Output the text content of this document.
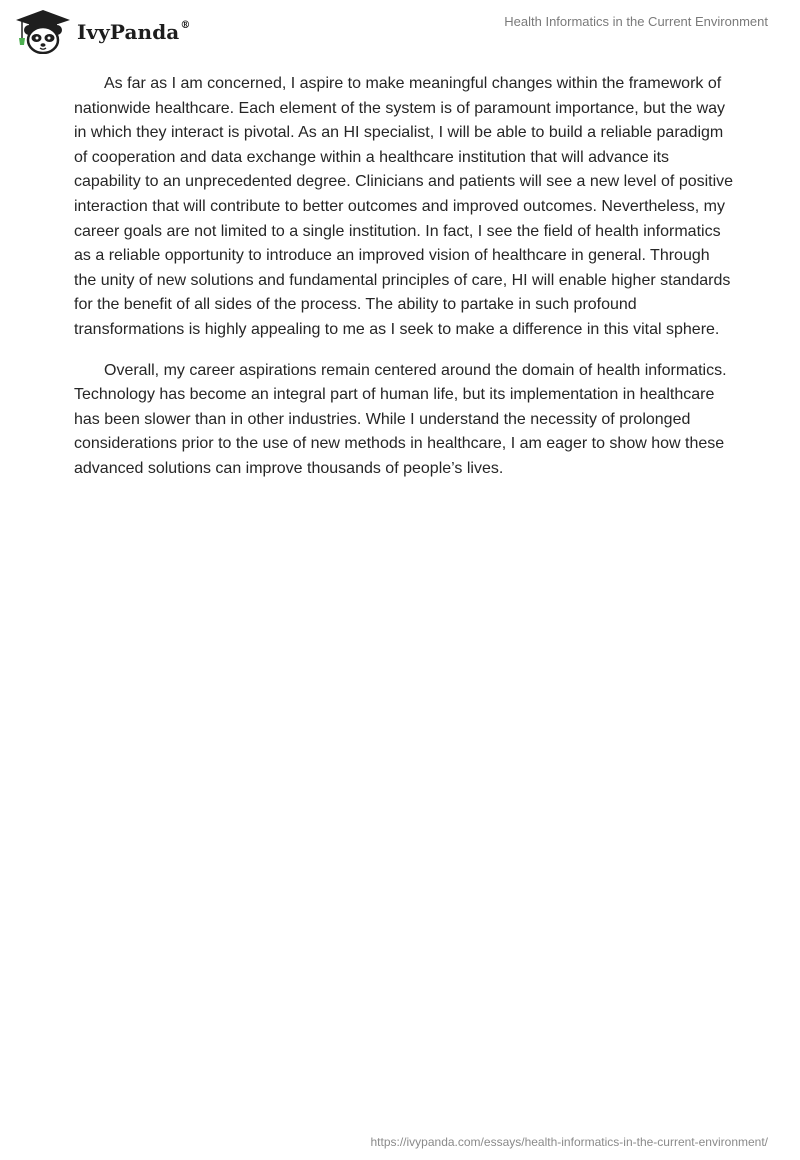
IvyPanda®	Health Informatics in the Current Environment

As far as I am concerned, I aspire to make meaningful changes within the framework of nationwide healthcare. Each element of the system is of paramount importance, but the way in which they interact is pivotal. As an HI specialist, I will be able to build a reliable paradigm of cooperation and data exchange within a healthcare institution that will advance its capability to an unprecedented degree. Clinicians and patients will see a new level of positive interaction that will contribute to better outcomes and improved outcomes. Nevertheless, my career goals are not limited to a single institution. In fact, I see the field of health informatics as a reliable opportunity to introduce an improved vision of healthcare in general. Through the unity of new solutions and fundamental principles of care, HI will enable higher standards for the benefit of all sides of the process. The ability to partake in such profound transformations is highly appealing to me as I seek to make a difference in this vital sphere.

Overall, my career aspirations remain centered around the domain of health informatics. Technology has become an integral part of human life, but its implementation in healthcare has been slower than in other industries. While I understand the necessity of prolonged considerations prior to the use of new methods in healthcare, I am eager to show how these advanced solutions can improve thousands of people’s lives.

https://ivypanda.com/essays/health-informatics-in-the-current-environment/
